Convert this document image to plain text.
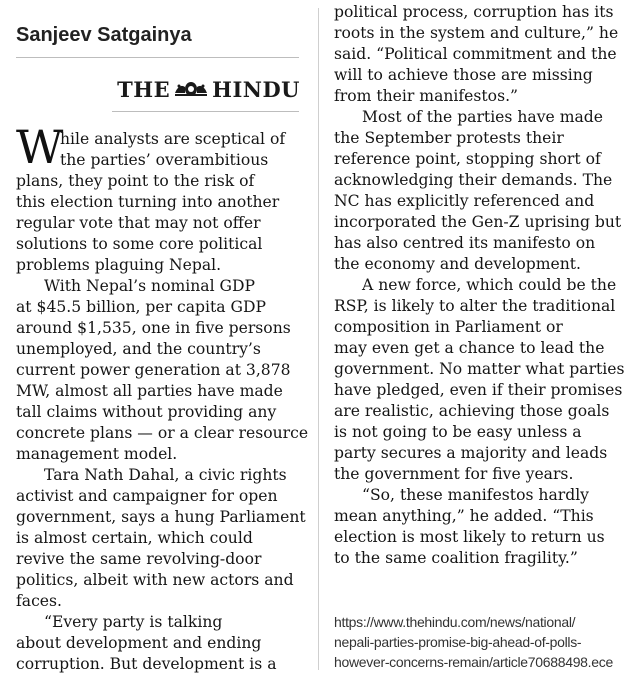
Sanjeev Satgainya
THE HINDU
W
hile analysts are sceptical of
the parties’ overambitious
plans, they point to the risk of
this election turning into another
regular vote that may not offer
solutions to some core political
problems plaguing Nepal.
With Nepal’s nominal GDP
at $45.5 billion, per capita GDP
around $1,535, one in five persons
unemployed, and the country’s
current power generation at 3,878
MW, almost all parties have made
tall claims without providing any
concrete plans — or a clear resource
management model.
Tara Nath Dahal, a civic rights
activist and campaigner for open
government, says a hung Parliament
is almost certain, which could
revive the same revolving-door
politics, albeit with new actors and
faces.
“Every party is talking
about development and ending
corruption. But development is a
political process, corruption has its
roots in the system and culture,” he
said. “Political commitment and the
will to achieve those are missing
from their manifestos.”
Most of the parties have made
the September protests their
reference point, stopping short of
acknowledging their demands. The
NC has explicitly referenced and
incorporated the Gen-Z uprising but
has also centred its manifesto on
the economy and development.
A new force, which could be the
RSP, is likely to alter the traditional
composition in Parliament or
may even get a chance to lead the
government. No matter what parties
have pledged, even if their promises
are realistic, achieving those goals
is not going to be easy unless a
party secures a majority and leads
the government for five years.
“So, these manifestos hardly
mean anything,” he added. “This
election is most likely to return us
to the same coalition fragility.”
https://www.thehindu.com/news/national/
nepali-parties-promise-big-ahead-of-polls-
however-concerns-remain/article70688498.ece
